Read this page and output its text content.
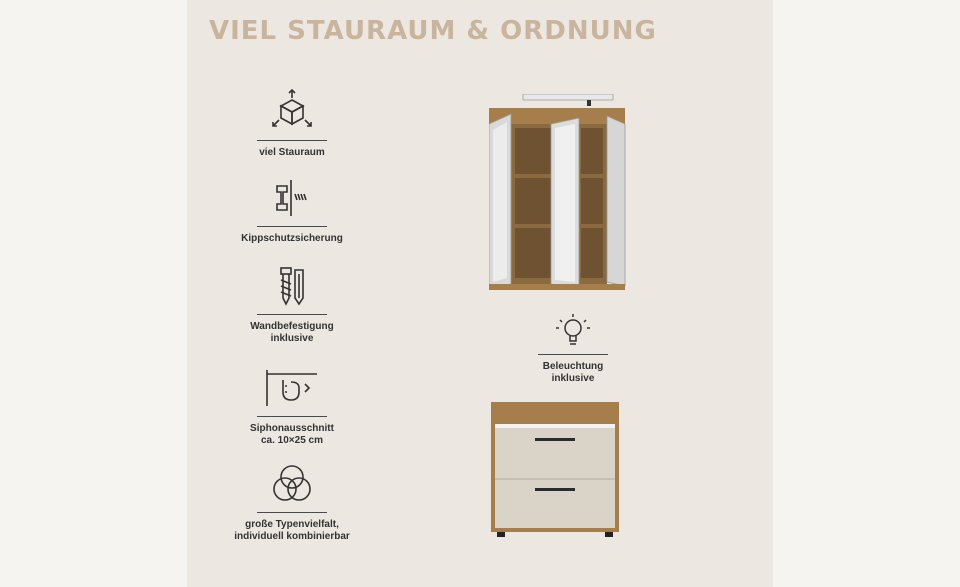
VIEL STAURAUM & ORDNUNG
viel Stauraum
Kippschutzsicherung
Wandbefestigung
inklusive
Siphonausschnitt
ca. 10×25 cm
große Typenvielfalt,
individuell kombinierbar
Beleuchtung
inklusive
